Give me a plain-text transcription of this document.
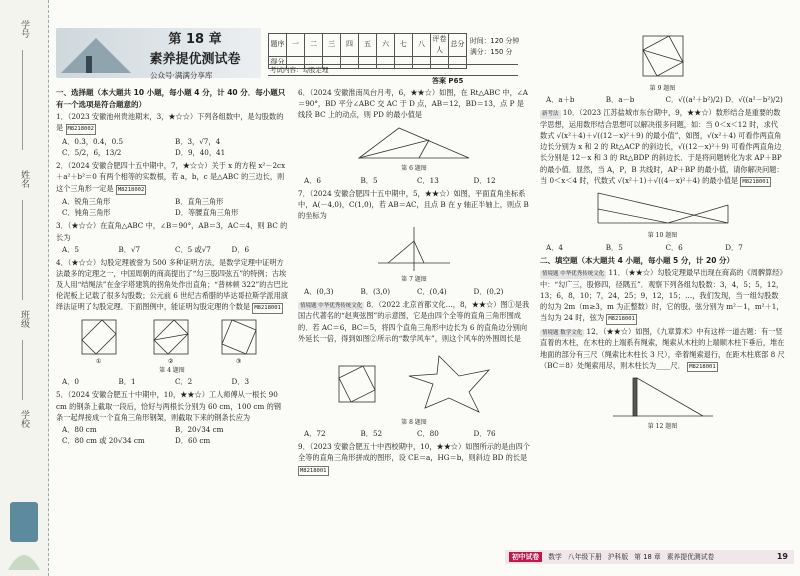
学号
姓名
班级
学校
第 18 章
素养提优测试卷
公众号·满满分享库
题序	一	二	三	四	五	六	七	八	评卷人	总分
得分										
时间：120 分钟
满分：150 分
考试内容：勾股定理
答案 P65
一、选择题（本大题共 10 小题，每小题 4 分，计 40 分．每小题只有一个选项是符合题意的）
1．（2023 安徽池州贵池期末，3，★☆☆）下列各组数中，是勾股数的是 M8218002
A．0.3，0.4，0.5	B．3，√7，4
C．5/2，6，13/2	D．9，40，41
2．（2024 安徽合肥四十五中期中，7，★☆☆）关于 x 的方程 x²－2cx＋a²＋b²＝0 有两个相等的实数根，若 a，b，c 是△ABC 的三边长，则这个三角形一定是 M8218002
A．锐角三角形	B．直角三角形
C．钝角三角形	D．等腰直角三角形
3．（★☆☆）在直角△ABC 中，∠B＝90°，AB＝3，AC＝4，则 BC 的长为
A．5	B．√7	C．5 或√7	D．6
4．（★☆☆）勾股定理被誉为 500 多种证明方法，是数学定理中证明方法最多的定理之一，中国周朝的商高提出了“勾三股四弦五”的特例；古埃及人用“结绳法”在金字塔建筑的拐角处作出直角；“普林顿 322”的古巴比伦泥板上记载了很多勾股数；公元前 6 世纪古希腊的毕达哥拉斯学派用演绎法证明了勾股定理．下面图例中，能证明勾股定理的个数是 M8218001
①	②	③
第 4 题图
A．0	B．1	C．2	D．3
5．（2024 安徽合肥五十中期中，10，★★☆）工人师傅从一根长 90 cm 的钢条上截取一段后，恰好与两根长分别为 60 cm，100 cm 的钢条一起焊接成一个直角三角形钢架，则截取下来的钢条长应为
A．80 cm	B．20√34 cm
C．80 cm 或 20√34 cm	D．60 cm
6．（2024 安徽淮南凤台月考，6，★★☆）如图，在 Rt△ABC 中，∠A＝90°，BD 平分∠ABC 交 AC 于 D 点，AB＝12，BD＝13，点 P 是线段 BC 上的动点，则 PD 的最小值是
第 6 题图
A．6	B．5	C．13	D．12
7．（2024 安徽合肥四十五中期中，5，★★☆）如图，平面直角坐标系中，A(－4,0)，C(1,0)，若 AB＝AC，且点 B 在 y 轴正半轴上，则点 B 的坐标为
第 7 题图
A．(0,3)	B．(3,0)	C．(0,4)	D．(0,2)
情境题 中华优秀传统文化 8．（2022 北京首都文化…，8，★★☆）图①是我国古代著名的“赵爽弦图”的示意图，它是由四个全等的直角三角形围成的．若 AC＝6，BC＝5，将四个直角三角形中边长为 6 的直角边分别向外延长一倍，得到如图②所示的“数学风车”，则这个风车的外围周长是
第 8 题图
A．72	B．52	C．80	D．76
9．（2023 安徽合肥五十中西校期中，10，★★☆）如图所示的是由四个全等的直角三角形拼成的图形，设 CE＝a，HG＝b，则斜边 BD 的长是 M8218001
第 9 题图
A．a＋b	B．a－b	C．√((a²＋b²)/2) D．√((a²－b²)/2)
新考法 10．（2023 江苏盐城市东台期中，9，★★☆）数形结合是重要的数学思想，运用数形结合思想可以解决很多问题，如：当 0＜x＜12 时，求代数式 √(x²＋4)＋√((12－x)²＋9) 的最小值”，如图，√(x²＋4) 可看作两直角边长分别为 x 和 2 的 Rt△ACP 的斜边长，√((12－x)²＋9) 可看作两直角边长分别是 12－x 和 3 的 Rt△BDP 的斜边长．于是将问题转化为求 AP＋BP 的最小值．显然，当 A，P，B 共线时，AP＋BP 的最小值，请你解决问题：当 0＜x＜4 时，代数式 √(x²＋1)＋√((4－x)²＋4) 的最小值是 M8218001
第 10 题图
A．4	B．5	C．6	D．7
二、填空题（本大题共 4 小题，每小题 5 分，计 20 分）
情境题 中华优秀传统文化 11．（★★☆）勾股定理最早出现在商高的《周髀算经》中：“勾广三，股修四，径隅五”．观察下列各组勾股数：3，4，5；5，12，13；6，8，10；7，24，25；9，12，15；…，我们发现，当一组勾股数的勾为 2m（m≥3，m 为正整数）时，它的股、弦分别为 m²－1，m²＋1，当勾为 24 时，弦为 M8218001
情境题 数学文化 12．（★★☆）如图，《九章算术》中有这样一道古题：有一竖直着的木柱，在木柱的上端系有绳索，绳索从木柱的上端顺木柱下垂后，堆在地面的部分有三尺（绳索比木柱长 3 尺），牵着绳索退行，在距木柱底部 8 尺（BC＝8）处绳索用尽，则木柱长为____尺． M8218001
第 12 题图
初中试卷	数学 八年级下册 沪科版 第 18 章 素养提优测试卷	19
